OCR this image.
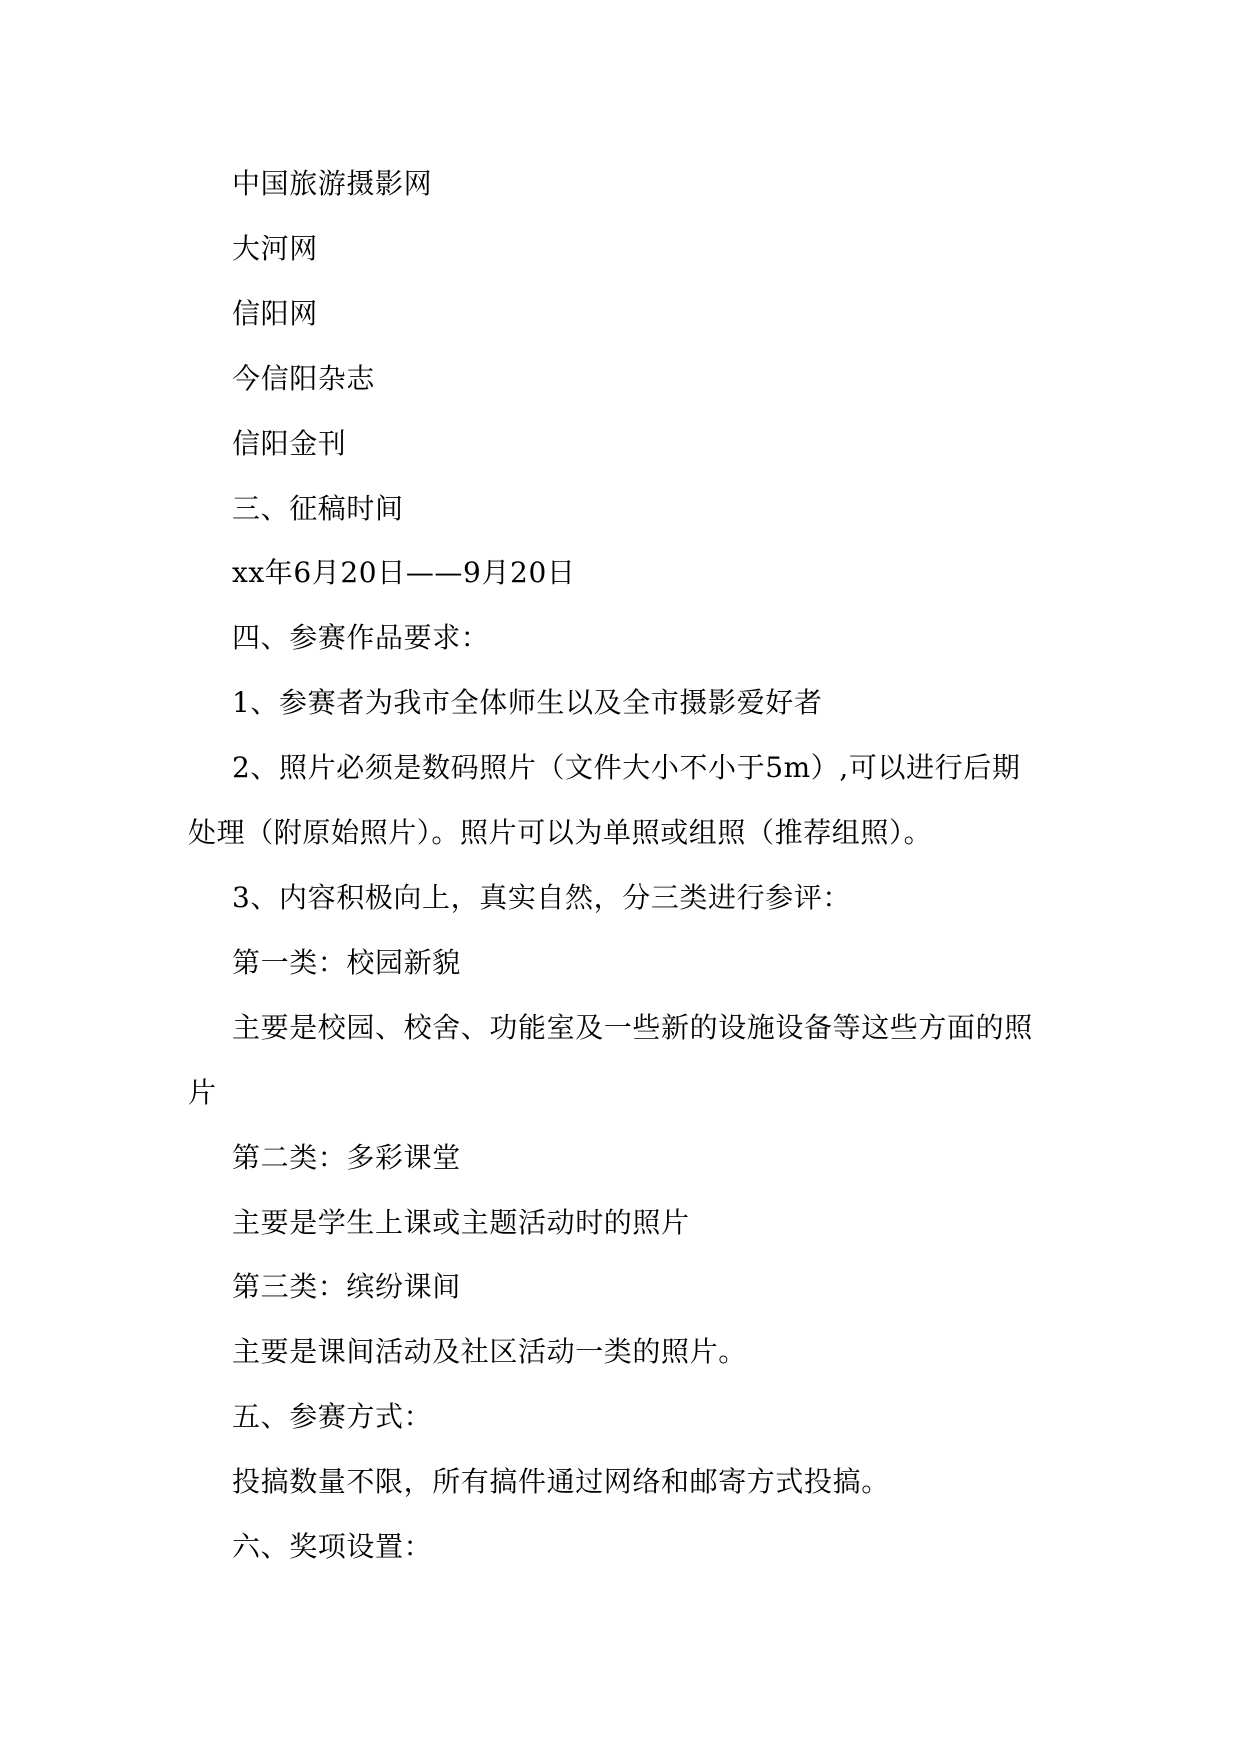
中国旅游摄影网

大河网

信阳网

今信阳杂志

信阳金刊

三、征稿时间

xx年6月20日——9月20日

四、参赛作品要求：

1、参赛者为我市全体师生以及全市摄影爱好者

2、照片必须是数码照片（文件大小不小于5m）,可以进行后期处理（附原始照片）。照片可以为单照或组照（推荐组照）。

3、内容积极向上，真实自然，分三类进行参评：

第一类：校园新貌

主要是校园、校舍、功能室及一些新的设施设备等这些方面的照片

第二类：多彩课堂

主要是学生上课或主题活动时的照片

第三类：缤纷课间

主要是课间活动及社区活动一类的照片。

五、参赛方式：

投搞数量不限，所有搞件通过网络和邮寄方式投搞。

六、奖项设置：
